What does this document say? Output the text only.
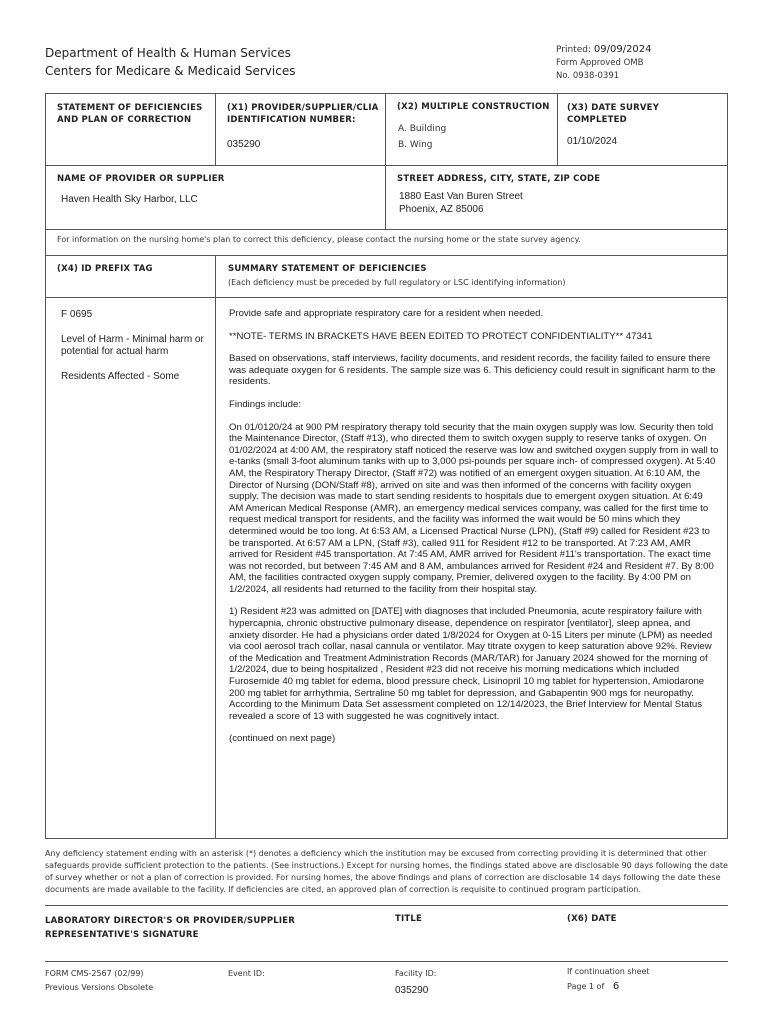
Department of Health & Human Services
Centers for Medicare & Medicaid Services
Printed: 09/09/2024
Form Approved OMB
No. 0938-0391
STATEMENT OF DEFICIENCIES AND PLAN OF CORRECTION
(X1) PROVIDER/SUPPLIER/CLIA IDENTIFICATION NUMBER:
035290
(X2) MULTIPLE CONSTRUCTION
A. Building
B. Wing
(X3) DATE SURVEY COMPLETED
01/10/2024
NAME OF PROVIDER OR SUPPLIER
Haven Health Sky Harbor, LLC
STREET ADDRESS, CITY, STATE, ZIP CODE
1880 East Van Buren Street
Phoenix, AZ 85006
For information on the nursing home's plan to correct this deficiency, please contact the nursing home or the state survey agency.
(X4) ID PREFIX TAG	SUMMARY STATEMENT OF DEFICIENCIES
(Each deficiency must be preceded by full regulatory or LSC identifying information)
F 0695
Level of Harm - Minimal harm or potential for actual harm
Residents Affected - Some

Provide safe and appropriate respiratory care for a resident when needed.

**NOTE- TERMS IN BRACKETS HAVE BEEN EDITED TO PROTECT CONFIDENTIALITY** 47341

Based on observations, staff interviews, facility documents, and resident records, the facility failed to ensure there was adequate oxygen for 6 residents. The sample size was 6. This deficiency could result in significant harm to the residents.

Findings include:

On 01/0120/24 at 900 PM respiratory therapy told security that the main oxygen supply was low. Security then told the Maintenance Director, (Staff #13), who directed them to switch oxygen supply to reserve tanks of oxygen. On 01/02/2024 at 4:00 AM, the respiratory staff noticed the reserve was low and switched oxygen supply from in wall to e-tanks (small 3-foot aluminum tanks with up to 3,000 psi-pounds per square inch- of compressed oxygen). At 5:40 AM, the Respiratory Therapy Director, (Staff #72) was notified of an emergent oxygen situation. At 6:10 AM, the Director of Nursing (DON/Staff #8), arrived on site and was then informed of the concerns with facility oxygen supply. The decision was made to start sending residents to hospitals due to emergent oxygen situation. At 6:49 AM American Medical Response (AMR), an emergency medical services company, was called for the first time to request medical transport for residents, and the facility was informed the wait would be 50 mins which they determined would be too long. At 6:53 AM, a Licensed Practical Nurse (LPN), (Staff #9) called for Resident #23 to be transported. At 6:57 AM a LPN, (Staff #3), called 911 for Resident #12 to be transported. At 7:23 AM, AMR arrived for Resident #45 transportation. At 7:45 AM, AMR arrived for Resident #11's transportation. The exact time was not recorded, but between 7:45 AM and 8 AM, ambulances arrived for Resident #24 and Resident #7. By 8:00 AM, the facilities contracted oxygen supply company, Premier, delivered oxygen to the facility. By 4:00 PM on 1/2/2024, all residents had returned to the facility from their hospital stay.

1) Resident #23 was admitted on [DATE] with diagnoses that included Pneumonia, acute respiratory failure with hypercapnia, chronic obstructive pulmonary disease, dependence on respirator [ventilator], sleep apnea, and anxiety disorder. He had a physicians order dated 1/8/2024 for Oxygen at 0-15 Liters per minute (LPM) as needed via cool aerosol trach collar, nasal cannula or ventilator. May titrate oxygen to keep saturation above 92%. Review of the Medication and Treatment Administration Records (MAR/TAR) for January 2024 showed for the morning of 1/2/2024, due to being hospitalized , Resident #23 did not receive his morning medications which included Furosemide 40 mg tablet for edema, blood pressure check, Lisinopril 10 mg tablet for hypertension, Amiodarone 200 mg tablet for arrhythmia, Sertraline 50 mg tablet for depression, and Gabapentin 900 mgs for neuropathy. According to the Minimum Data Set assessment completed on 12/14/2023, the Brief Interview for Mental Status revealed a score of 13 with suggested he was cognitively intact.

(continued on next page)

Any deficiency statement ending with an asterisk (*) denotes a deficiency which the institution may be excused from correcting providing it is determined that other safeguards provide sufficient protection to the patients. (See instructions.) Except for nursing homes, the findings stated above are disclosable 90 days following the date of survey whether or not a plan of correction is provided. For nursing homes, the above findings and plans of correction are disclosable 14 days following the date these documents are made available to the facility. If deficiencies are cited, an approved plan of correction is requisite to continued program participation.
LABORATORY DIRECTOR'S OR PROVIDER/SUPPLIER REPRESENTATIVE'S SIGNATURE
TITLE	(X6) DATE
FORM CMS-2567 (02/99)
Previous Versions Obsolete
Event ID:	Facility ID:
035290
If continuation sheet
Page 1 of 6
